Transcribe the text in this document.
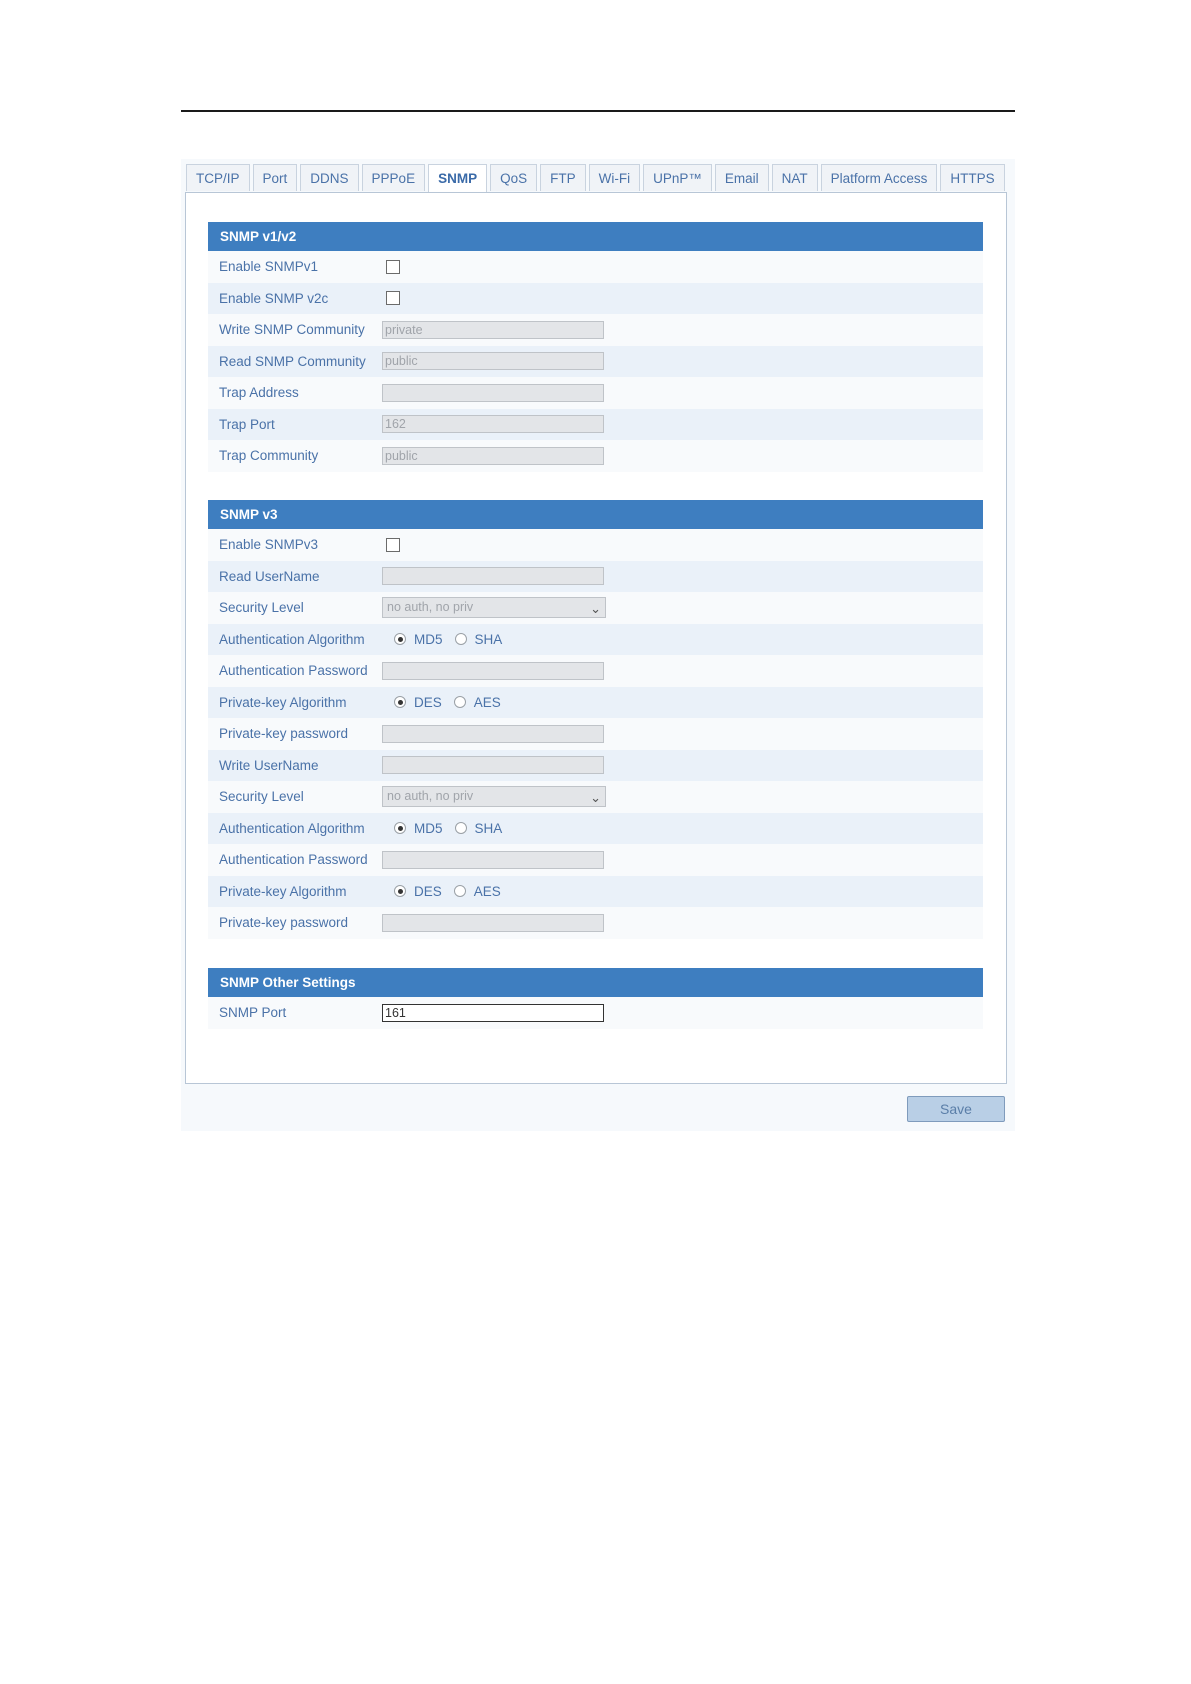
TCP/IP	Port	DDNS	PPPoE	SNMP	QoS	FTP	Wi-Fi	UPnP™	Email	NAT	Platform Access	HTTPS
SNMP v1/v2
Enable SNMPv1
Enable SNMP v2c
Write SNMP Community private
Read SNMP Community public
Trap Address
Trap Port	162
Trap Community	public
SNMP v3
Enable SNMPv3
Read UserName
Security Level	no auth, no priv	⌄
Authentication Algorithm	MD5 SHA
Authentication Password
Private-key Algorithm	DES AES
Private-key password
Write UserName
Security Level	no auth, no priv	⌄
Authentication Algorithm	MD5 SHA
Authentication Password
Private-key Algorithm	DES AES
Private-key password
SNMP Other Settings
SNMP Port	161
Save
